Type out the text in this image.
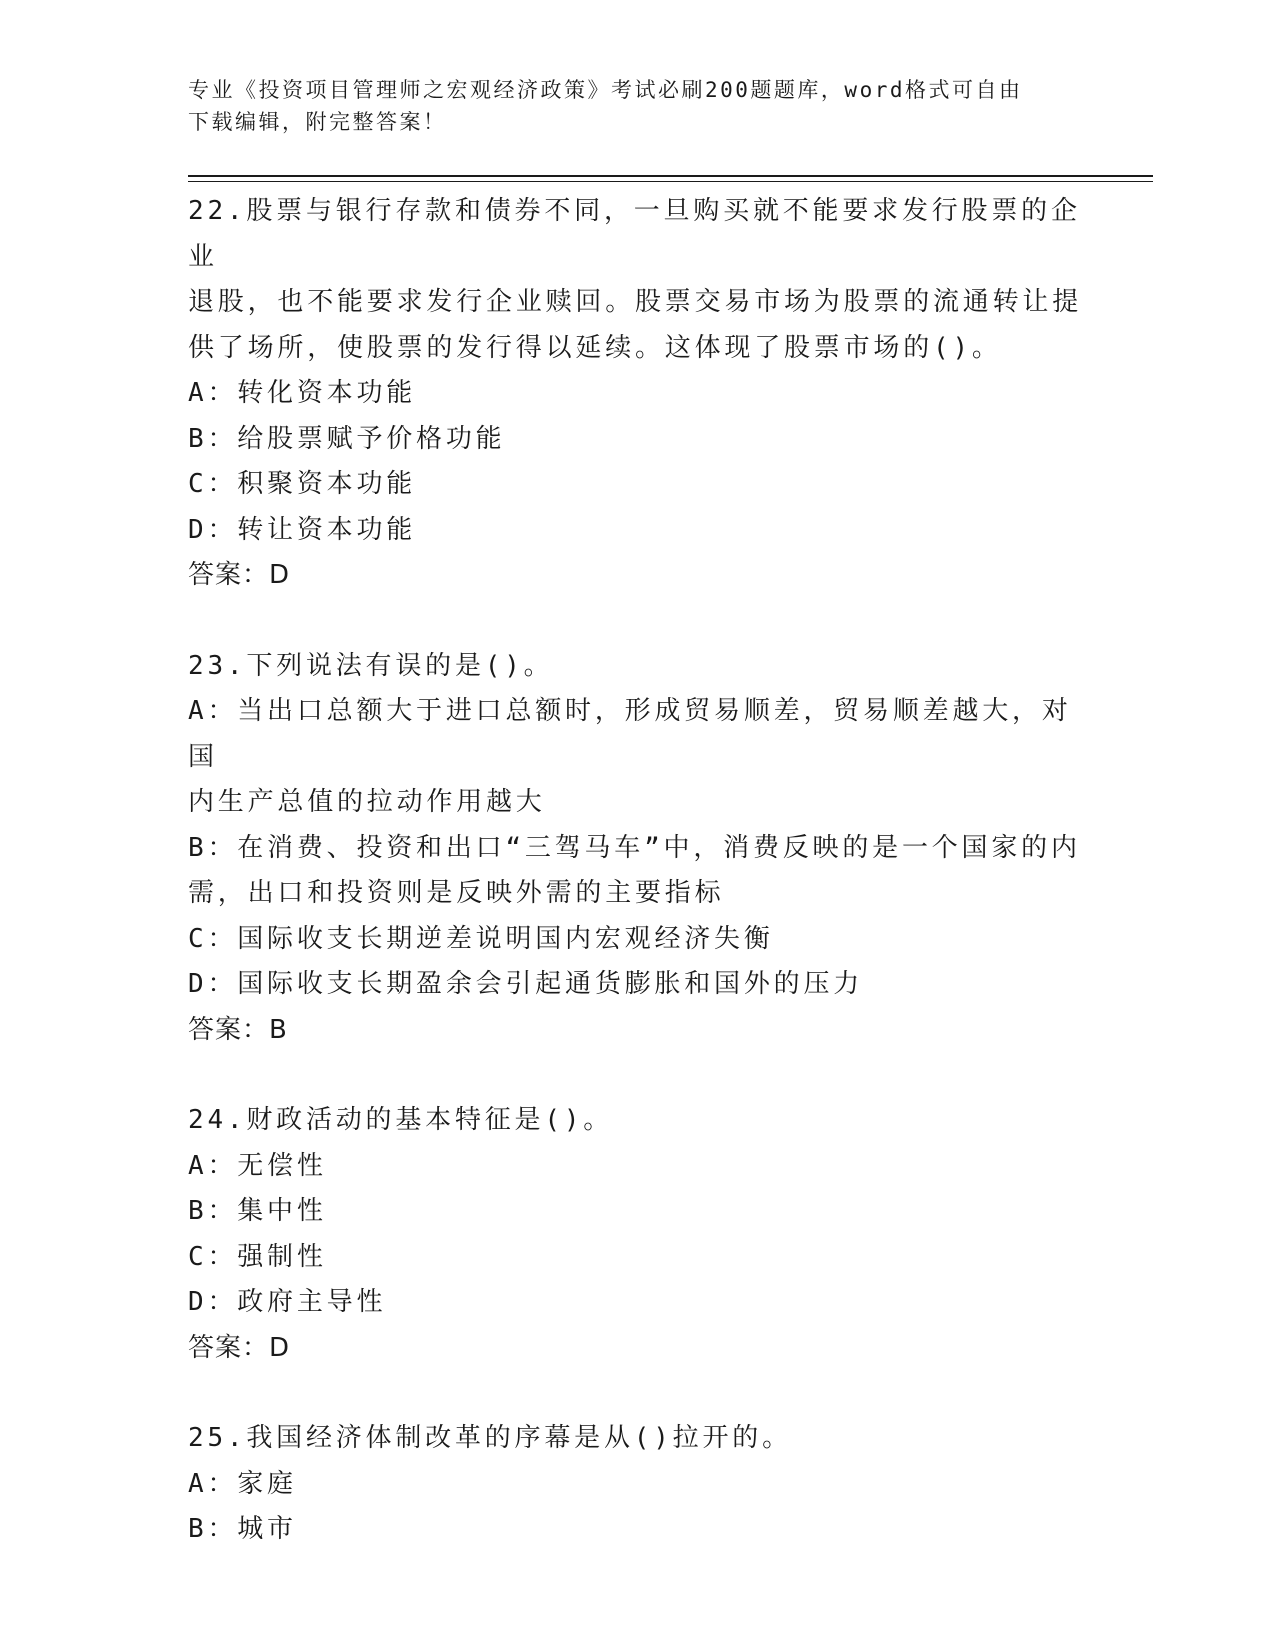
专业《投资项目管理师之宏观经济政策》考试必刷200题题库，word格式可自由
下载编辑，附完整答案！
22.股票与银行存款和债券不同，一旦购买就不能要求发行股票的企业
退股，也不能要求发行企业赎回。股票交易市场为股票的流通转让提
供了场所，使股票的发行得以延续。这体现了股票市场的()。
A：转化资本功能
B：给股票赋予价格功能
C：积聚资本功能
D：转让资本功能
答案：D
23.下列说法有误的是()。
A：当出口总额大于进口总额时，形成贸易顺差，贸易顺差越大，对国
内生产总值的拉动作用越大
B：在消费、投资和出口“三驾马车”中，消费反映的是一个国家的内
需，出口和投资则是反映外需的主要指标
C：国际收支长期逆差说明国内宏观经济失衡
D：国际收支长期盈余会引起通货膨胀和国外的压力
答案：B
24.财政活动的基本特征是()。
A：无偿性
B：集中性
C：强制性
D：政府主导性
答案：D
25.我国经济体制改革的序幕是从()拉开的。
A：家庭
B：城市
